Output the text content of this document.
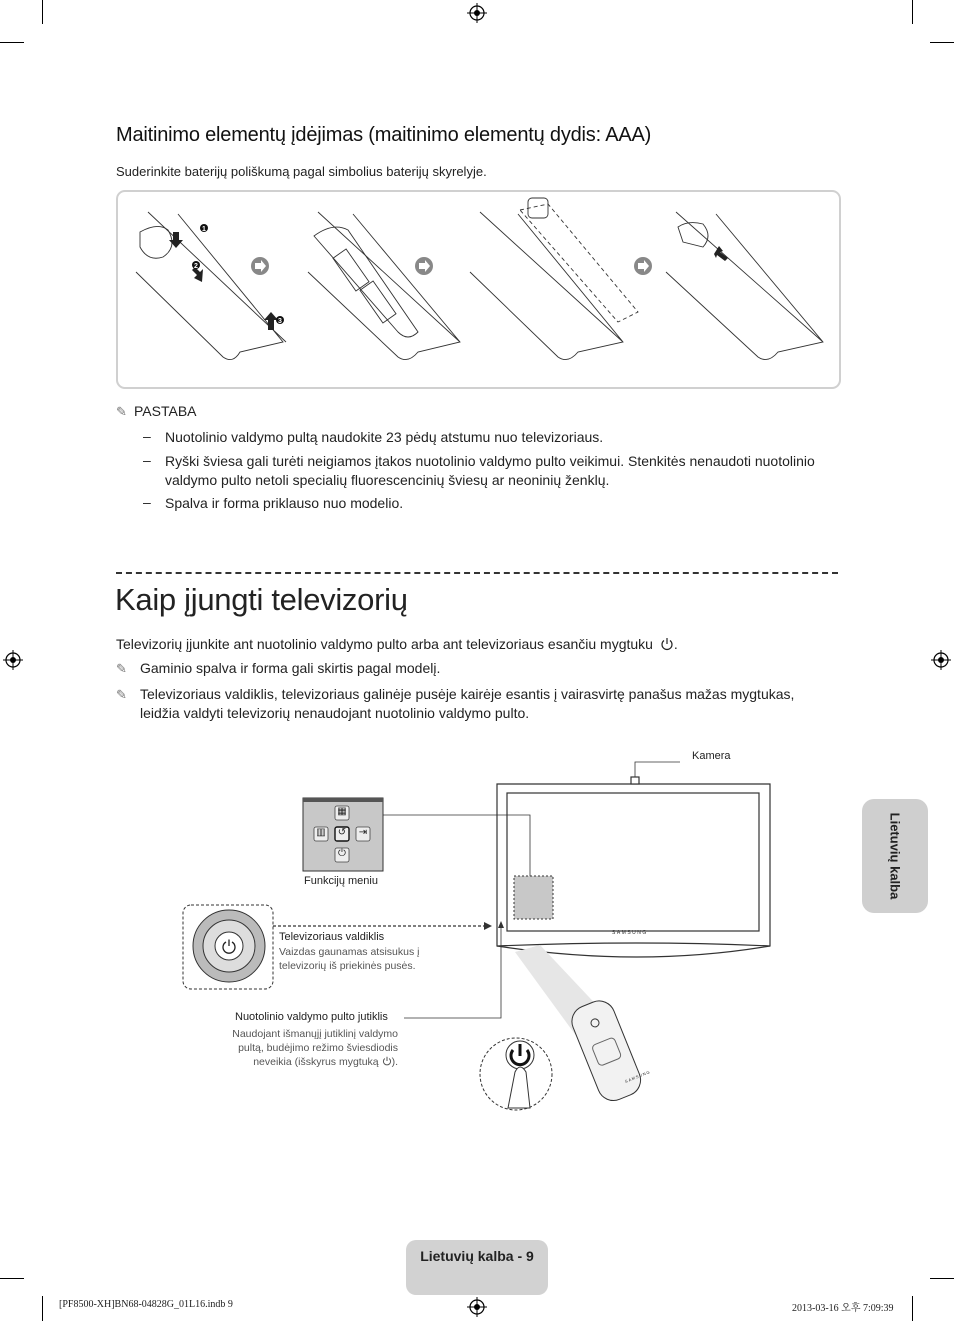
Maitinimo elementų įdėjimas (maitinimo elementų dydis: AAA)
Suderinkite baterijų poliškumą pagal simbolius baterijų skyrelyje.
1
2
3
✎ PASTABA
– Nuotolinio valdymo pultą naudokite 23 pėdų atstumu nuo televizoriaus.
– Ryški šviesa gali turėti neigiamos įtakos nuotolinio valdymo pulto veikimui. Stenkitės nenaudoti nuotolinio valdymo pulto netoli specialių fluorescencinių šviesų ar neoninių ženklų.
– Spalva ir forma priklauso nuo modelio.
Kaip įjungti televizorių
Televizorių įjunkite ant nuotolinio valdymo pulto arba ant televizoriaus esančiu mygtuku .
✎ Gaminio spalva ir forma gali skirtis pagal modelį.
✎ Televizoriaus valdiklis, televizoriaus galinėje pusėje kairėje esantis į vairasvirtę panašus mažas mygtukas, leidžia valdyti televizorių nenaudojant nuotolinio valdymo pulto.
▦
↺
▥	⇥
⏻
Kamera
Funkcijų meniu
Televizoriaus valdiklis
Vaizdas gaunamas atsisukus į televizorių iš priekinės pusės.
Nuotolinio valdymo pulto jutiklis
Naudojant išmanųjį jutiklinį valdymo pultą, budėjimo režimo šviesdiodis neveikia (išskyrus mygtuką ).
SAMSUNG
SAMSUNG
Lietuvių kalba
Lietuvių kalba - 9
[PF8500-XH]BN68-04828G_01L16.indb 9	2013-03-16 오후 7:09:39
